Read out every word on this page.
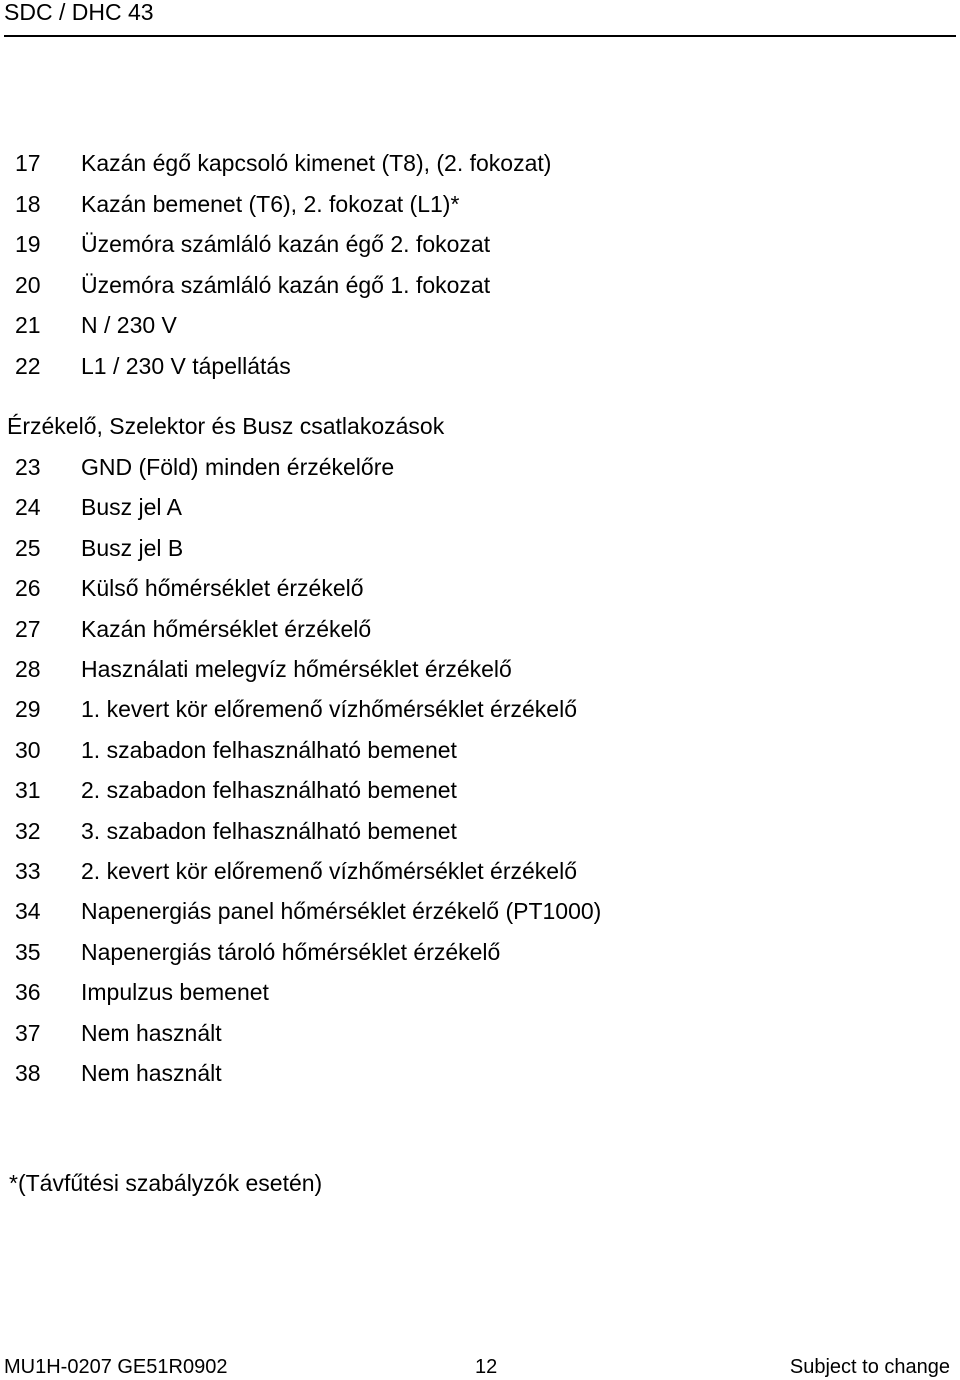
SDC / DHC 43
17	Kazán égő kapcsoló kimenet (T8), (2. fokozat)
18	Kazán bemenet (T6), 2. fokozat (L1)*
19	Üzemóra számláló kazán égő 2. fokozat
20	Üzemóra számláló kazán égő 1. fokozat
21	N / 230 V
22	L1 / 230 V tápellátás
Érzékelő, Szelektor és Busz csatlakozások
23	GND (Föld) minden érzékelőre
24	Busz jel A
25	Busz jel B
26	Külső hőmérséklet érzékelő
27	Kazán hőmérséklet érzékelő
28	Használati melegvíz hőmérséklet érzékelő
29	1. kevert kör előremenő vízhőmérséklet érzékelő
30	1. szabadon felhasználható bemenet
31	2. szabadon felhasználható bemenet
32	3. szabadon felhasználható bemenet
33	2. kevert kör előremenő vízhőmérséklet érzékelő
34	Napenergiás panel hőmérséklet érzékelő (PT1000)
35	Napenergiás tároló hőmérséklet érzékelő
36	Impulzus bemenet
37	Nem használt
38	Nem használt
*(Távfűtési szabályzók esetén)
MU1H-0207 GE51R0902	12	Subject to change
